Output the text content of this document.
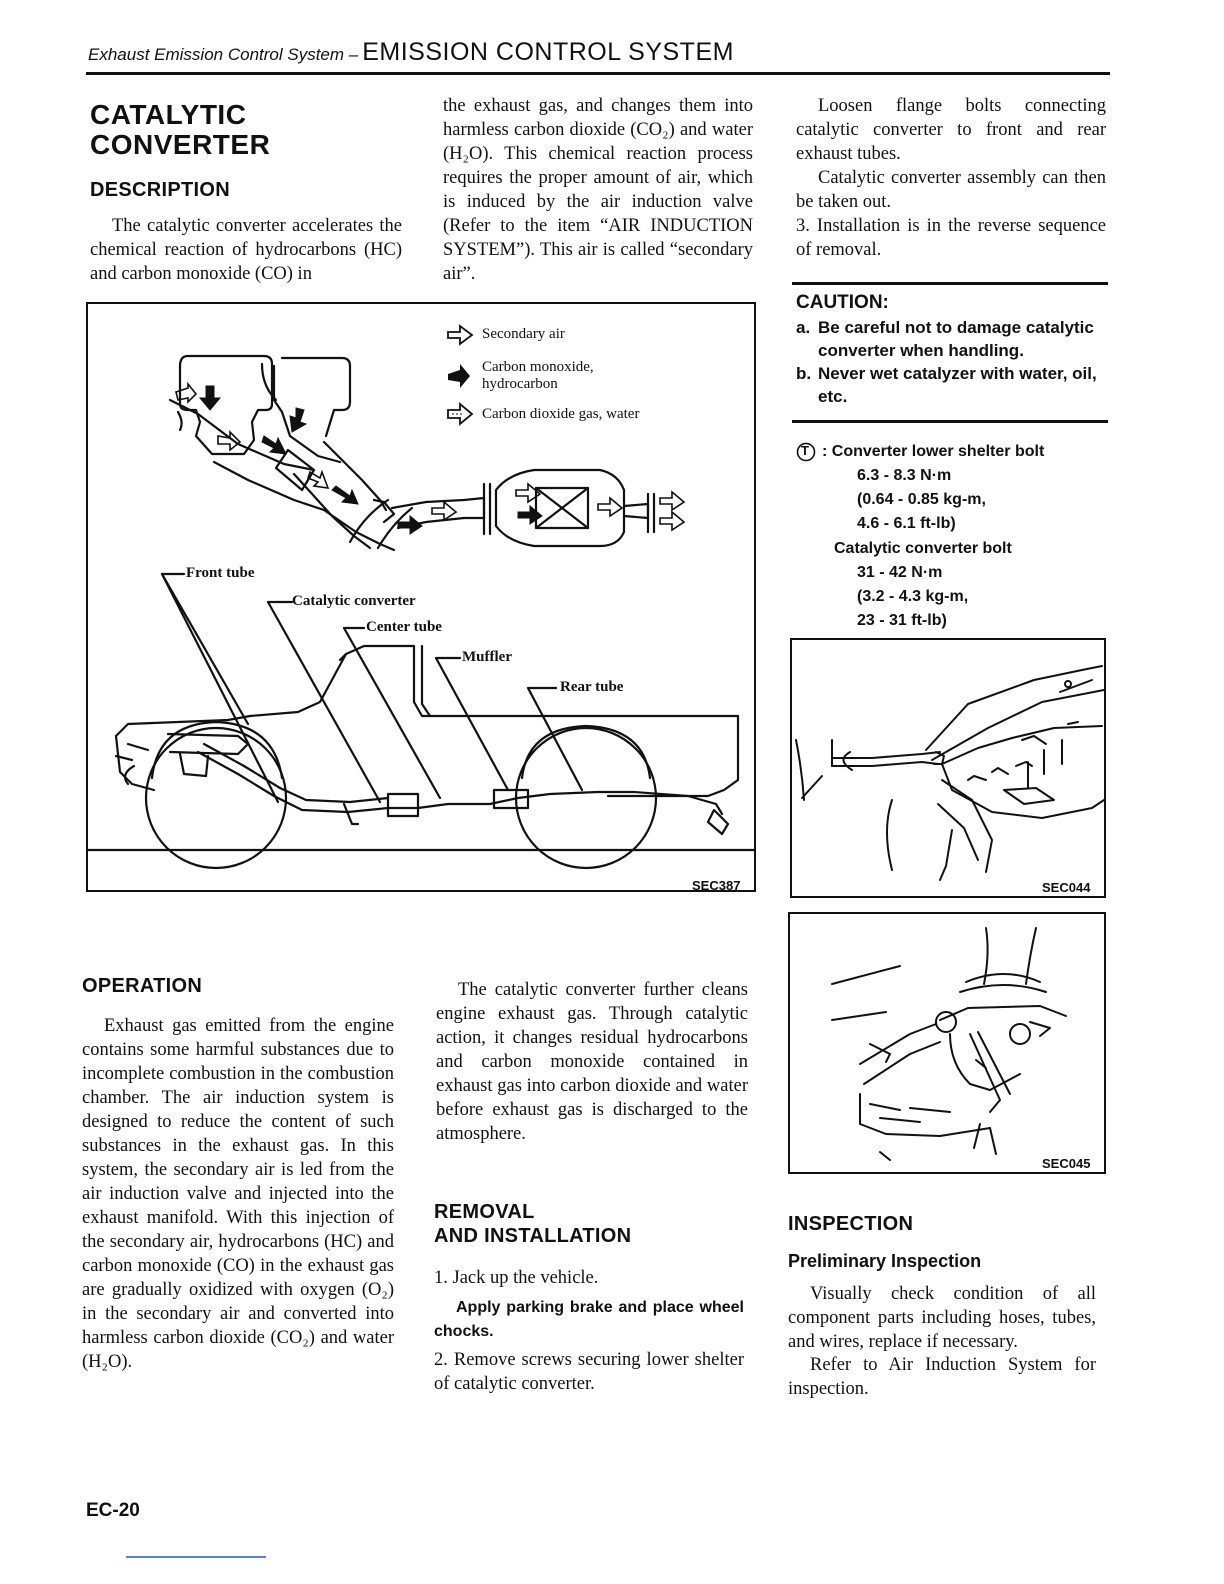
Exhaust Emission Control System – EMISSION CONTROL SYSTEM
CATALYTIC
CONVERTER
DESCRIPTION
The catalytic converter accelerates the chemical reaction of hydrocarbons (HC) and carbon monoxide (CO) in
the exhaust gas, and changes them into harmless carbon dioxide (CO₂) and water (H₂O). This chemical reaction process requires the proper amount of air, which is induced by the air induction valve (Refer to the item “AIR INDUCTION SYSTEM”). This air is called “secondary air”.
Secondary air
Carbon monoxide,
hydrocarbon
Carbon dioxide gas, water
Front tube
Catalytic converter
Center tube
Muffler
Rear tube
SEC387
Loosen flange bolts connecting catalytic converter to front and rear exhaust tubes.
Catalytic converter assembly can then be taken out.
3. Installation is in the reverse sequence of removal.
CAUTION:
a. Be careful not to damage catalytic converter when handling.
b. Never wet catalyzer with water, oil, etc.
T : Converter lower shelter bolt
6.3 - 8.3 N·m
(0.64 - 0.85 kg-m,
4.6 - 6.1 ft-lb)
Catalytic converter bolt
31 - 42 N·m
(3.2 - 4.3 kg-m,
23 - 31 ft-lb)
SEC044
SEC045
OPERATION
Exhaust gas emitted from the engine contains some harmful substances due to incomplete combustion in the combustion chamber. The air induction system is designed to reduce the content of such substances in the exhaust gas. In this system, the secondary air is led from the air induction valve and injected into the exhaust manifold. With this injection of the secondary air, hydrocarbons (HC) and carbon monoxide (CO) in the exhaust gas are gradually oxidized with oxygen (O₂) in the secondary air and converted into harmless carbon dioxide (CO₂) and water (H₂O).
The catalytic converter further cleans engine exhaust gas. Through catalytic action, it changes residual hydrocarbons and carbon monoxide contained in exhaust gas into carbon dioxide and water before exhaust gas is discharged to the atmosphere.
REMOVAL
AND INSTALLATION
1. Jack up the vehicle.
Apply parking brake and place wheel chocks.
2. Remove screws securing lower shelter of catalytic converter.
INSPECTION
Preliminary Inspection
Visually check condition of all component parts including hoses, tubes, and wires, replace if necessary.
Refer to Air Induction System for inspection.
EC-20
